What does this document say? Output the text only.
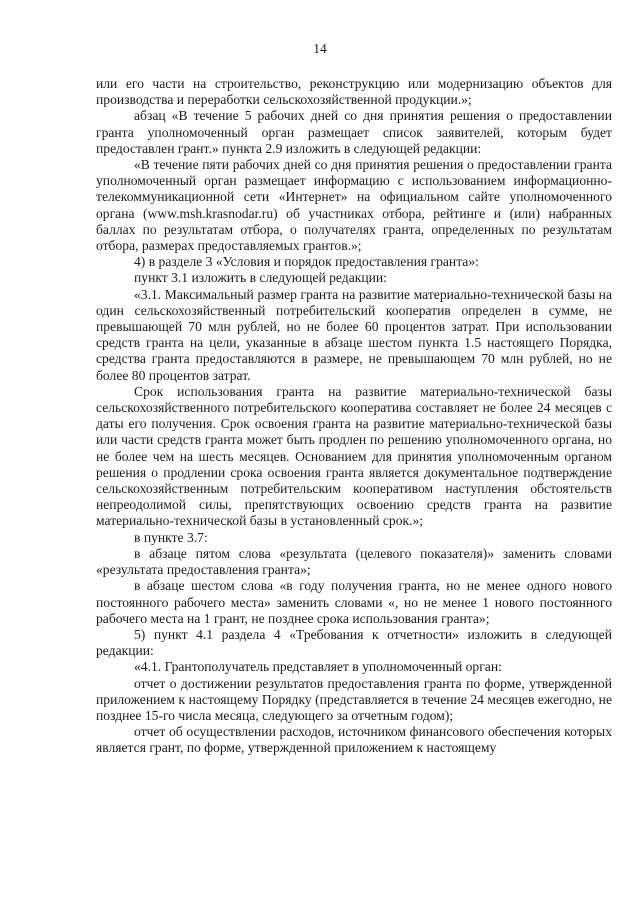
14

или его части на строительство, реконструкцию или модернизацию объектов для производства и переработки сельскохозяйственной продукции.»;

абзац «В течение 5 рабочих дней со дня принятия решения о предоставлении гранта уполномоченный орган размещает список заявителей, которым будет предоставлен грант.» пункта 2.9 изложить в следующей редакции:

«В течение пяти рабочих дней со дня принятия решения о предоставлении гранта уполномоченный орган размещает информацию с использованием информационно-телекоммуникационной сети «Интернет» на официальном сайте уполномоченного органа (www.msh.krasnodar.ru) об участниках отбора, рейтинге и (или) набранных баллах по результатам отбора, о получателях гранта, определенных по результатам отбора, размерах предоставляемых грантов.»;

4) в разделе 3 «Условия и порядок предоставления гранта»:

пункт 3.1 изложить в следующей редакции:

«3.1. Максимальный размер гранта на развитие материально-технической базы на один сельскохозяйственный потребительский кооператив определен в сумме, не превышающей 70 млн рублей, но не более 60 процентов затрат. При использовании средств гранта на цели, указанные в абзаце шестом пункта 1.5 настоящего Порядка, средства гранта предоставляются в размере, не превышающем 70 млн рублей, но не более 80 процентов затрат.

Срок использования гранта на развитие материально-технической базы сельскохозяйственного потребительского кооператива составляет не более 24 месяцев с даты его получения. Срок освоения гранта на развитие материально-технической базы или части средств гранта может быть продлен по решению уполномоченного органа, но не более чем на шесть месяцев. Основанием для принятия уполномоченным органом решения о продлении срока освоения гранта является документальное подтверждение сельскохозяйственным потребительским кооперативом наступления обстоятельств непреодолимой силы, препятствующих освоению средств гранта на развитие материально-технической базы в установленный срок.»;

в пункте 3.7:

в абзаце пятом слова «результата (целевого показателя)» заменить словами «результата предоставления гранта»;

в абзаце шестом слова «в году получения гранта, но не менее одного нового постоянного рабочего места» заменить словами «, но не менее 1 нового постоянного рабочего места на 1 грант, не позднее срока использования гранта»;

5) пункт 4.1 раздела 4 «Требования к отчетности» изложить в следующей редакции:

«4.1. Грантополучатель представляет в уполномоченный орган:

отчет о достижении результатов предоставления гранта по форме, утвержденной приложением к настоящему Порядку (представляется в течение 24 месяцев ежегодно, не позднее 15-го числа месяца, следующего за отчетным годом);

отчет об осуществлении расходов, источником финансового обеспечения которых является грант, по форме, утвержденной приложением к настоящему
